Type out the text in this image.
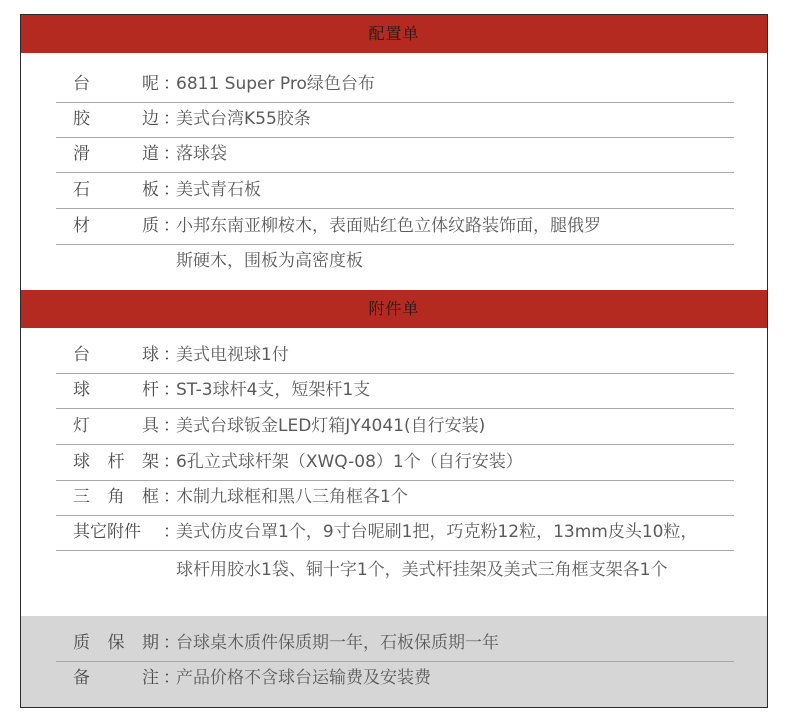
配置单
台	呢 ：
6811 Super Pro绿色台布
胶	边 ：
美式台湾K55胶条
滑	道 ：
落球袋
石	板 ：
美式青石板
材	质 ：
小邦东南亚柳桉木，表面贴红色立体纹路装饰面，腿俄罗
斯硬木，围板为高密度板
附件单
台	球 ：
美式电视球1付
球	杆 ：
ST-3球杆4支，短架杆1支
灯	具 ：
美式台球钣金LED灯箱JY4041(自行安装)
球 杆 架 ：
6孔立式球杆架（XWQ-08）1个（自行安装）
三 角 框 ：
木制九球框和黑八三角框各1个
其它附件 ：
美式仿皮台罩1个，9寸台呢刷1把，巧克粉12粒，13mm皮头10粒，
球杆用胶水1袋、铜十字1个，美式杆挂架及美式三角框支架各1个
质 保 期 ：
台球桌木质件保质期一年，石板保质期一年
备	注 ：
产品价格不含球台运输费及安装费
